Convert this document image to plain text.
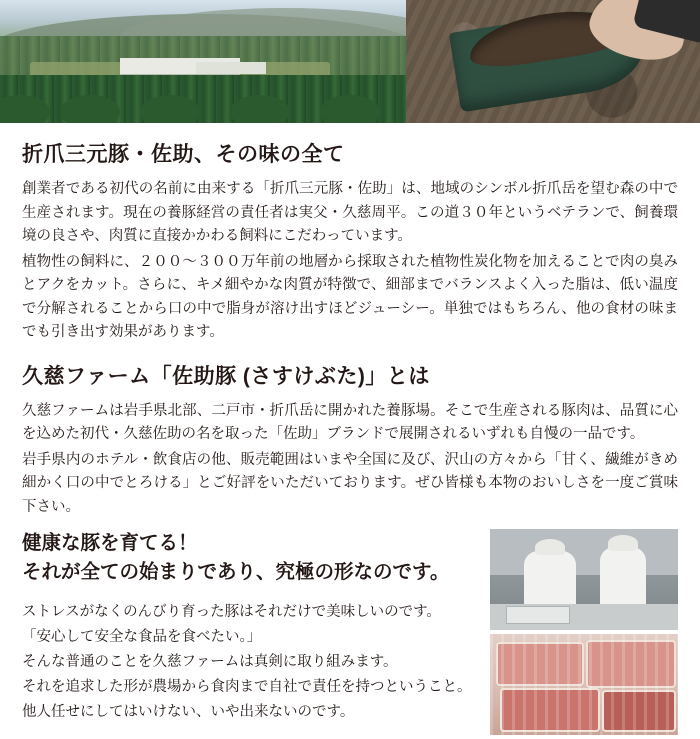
折爪三元豚・佐助、その味の全て

創業者である初代の名前に由来する「折爪三元豚・佐助」は、地域のシンボル折爪岳を望む森の中で生産されます。現在の養豚経営の責任者は実父・久慈周平。この道３０年というベテランで、飼養環境の良さや、肉質に直接かかわる飼料にこだわっています。

植物性の飼料に、２００〜３００万年前の地層から採取された植物性炭化物を加えることで肉の臭みとアクをカット。さらに、キメ細やかな肉質が特徴で、細部までバランスよく入った脂は、低い温度で分解されることから口の中で脂身が溶け出すほどジューシー。単独ではもちろん、他の食材の味までも引き出す効果があります。

久慈ファーム「佐助豚 (さすけぶた)」とは

久慈ファームは岩手県北部、二戸市・折爪岳に開かれた養豚場。そこで生産される豚肉は、品質に心を込めた初代・久慈佐助の名を取った「佐助」ブランドで展開されるいずれも自慢の一品です。

岩手県内のホテル・飲食店の他、販売範囲はいまや全国に及び、沢山の方々から「甘く、繊維がきめ細かく口の中でとろける」とご好評をいただいております。ぜひ皆様も本物のおいしさを一度ご賞味下さい。

健康な豚を育てる！
それが全ての始まりであり、究極の形なのです。

ストレスがなくのんびり育った豚はそれだけで美味しいのです。

「安心して安全な食品を食べたい。」

そんな普通のことを久慈ファームは真剣に取り組みます。

それを追求した形が農場から食肉まで自社で責任を持つということ。

他人任せにしてはいけない、いや出来ないのです。
